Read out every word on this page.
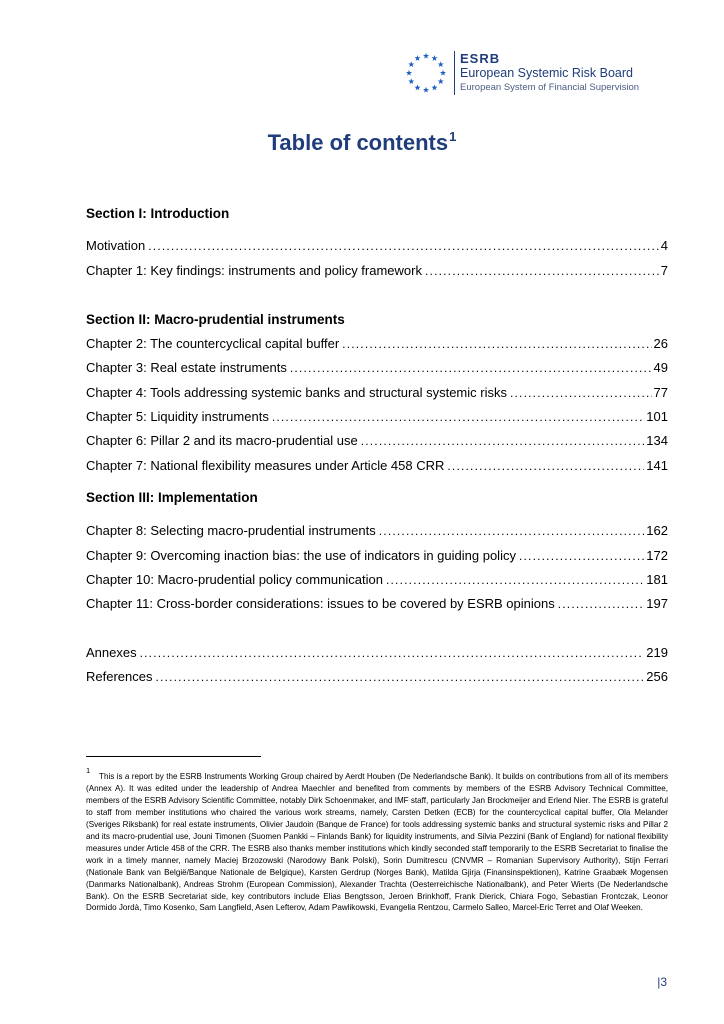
ESRB
European Systemic Risk Board
European System of Financial Supervision
Table of contents$^1$
Section I: Introduction
Motivation .....	4
Chapter 1: Key findings: instruments and policy framework .....	7
Section II: Macro-prudential instruments
Chapter 2: The countercyclical capital buffer .....	26
Chapter 3: Real estate instruments .....	49
Chapter 4: Tools addressing systemic banks and structural systemic risks .....	77
Chapter 5: Liquidity instruments .....	101
Chapter 6: Pillar 2 and its macro-prudential use .....	134
Chapter 7: National flexibility measures under Article 458 CRR .....	141
Section III: Implementation
Chapter 8: Selecting macro-prudential instruments .....	162
Chapter 9: Overcoming inaction bias: the use of indicators in guiding policy .....	172
Chapter 10: Macro-prudential policy communication .....	181
Chapter 11: Cross-border considerations: issues to be covered by ESRB opinions .....	197
Annexes .....	219
References .....	256
1
This is a report by the ESRB Instruments Working Group chaired by Aerdt Houben (De Nederlandsche Bank). It builds on contributions from all of its members (Annex A). It was edited under the leadership of Andrea Maechler and benefited from comments by members of the ESRB Advisory Technical Committee, members of the ESRB Advisory Scientific Committee, notably Dirk Schoenmaker, and IMF staff, particularly Jan Brockmeijer and Erlend Nier. The ESRB is grateful to staff from member institutions who chaired the various work streams, namely, Carsten Detken (ECB) for the countercyclical capital buffer, Ola Melander (Sveriges Riksbank) for real estate instruments, Olivier Jaudoin (Banque de France) for tools addressing systemic banks and structural systemic risks and Pillar 2 and its macro-prudential use, Jouni Timonen (Suomen Pankki – Finlands Bank) for liquidity instruments, and Silvia Pezzini (Bank of England) for national flexibility measures under Article 458 of the CRR. The ESRB also thanks member institutions which kindly seconded staff temporarily to the ESRB Secretariat to finalise the work in a timely manner, namely Maciej Brzozowski (Narodowy Bank Polski), Sorin Dumitrescu (CNVMR – Romanian Supervisory Authority), Stijn Ferrari (Nationale Bank van België/Banque Nationale de Belgique), Karsten Gerdrup (Norges Bank), Matilda Gjirja (Finansinspektionen), Katrine Graabæk Mogensen (Danmarks Nationalbank), Andreas Strohm (European Commission), Alexander Trachta (Oesterreichische Nationalbank), and Peter Wierts (De Nederlandsche Bank). On the ESRB Secretariat side, key contributors include Elias Bengtsson, Jeroen Brinkhoff, Frank Dierick, Chiara Fogo, Sebastian Frontczak, Leonor Dormido Jordà, Timo Kosenko, Sam Langfield, Asen Lefterov, Adam Pawlikowski, Evangelia Rentzou, Carmelo Salleo, Marcel-Eric Terret and Olaf Weeken.
|3
